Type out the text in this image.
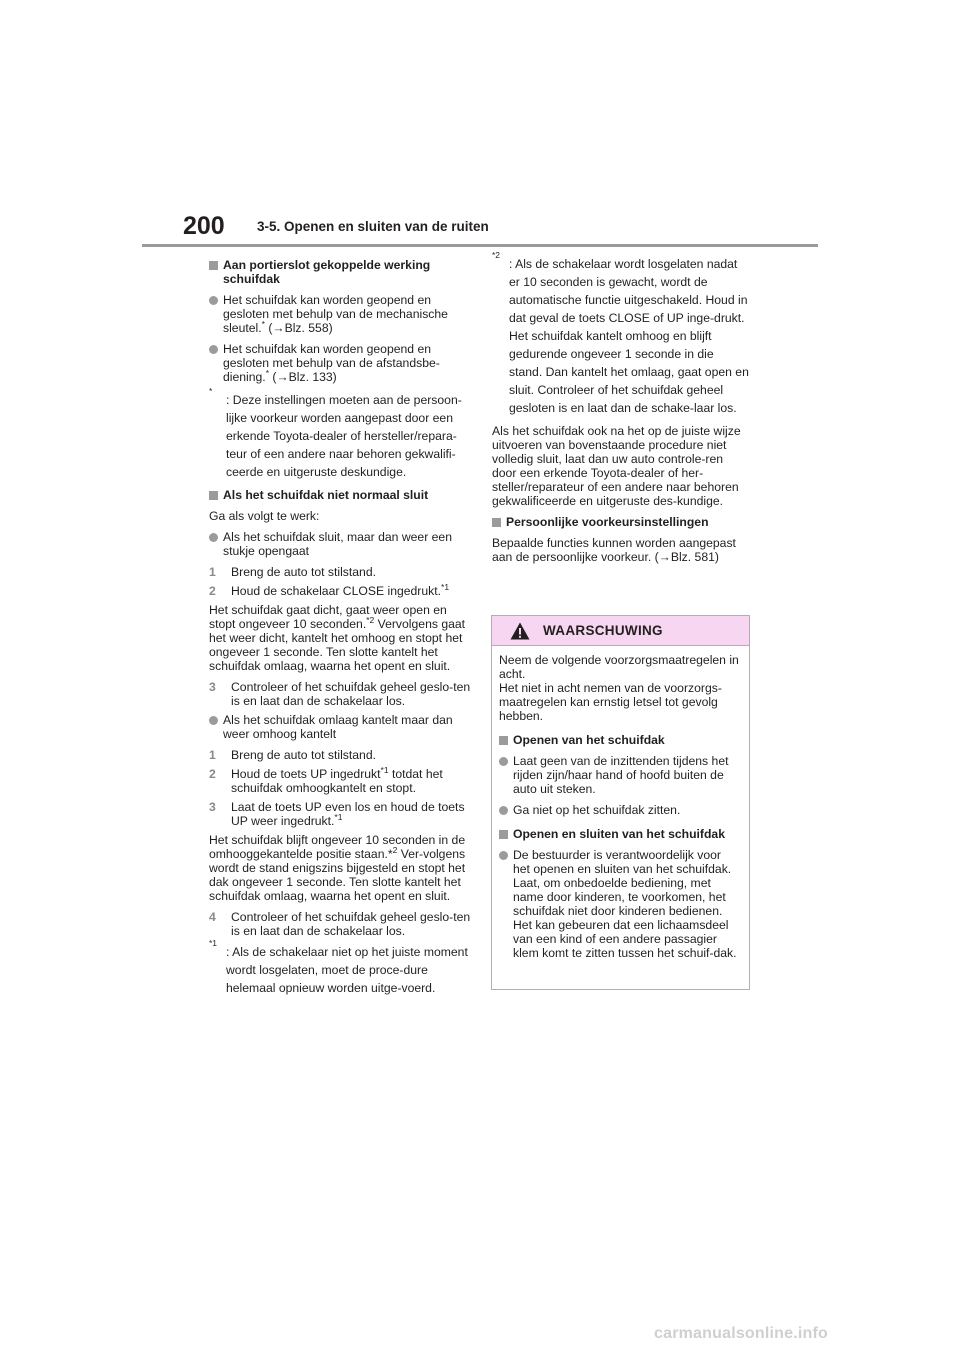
200 3-5. Openen en sluiten van de ruiten

Aan portierslot gekoppelde werking schuifdak

Het schuifdak kan worden geopend en gesloten met behulp van de mechanische sleutel.* (→Blz. 558)

Het schuifdak kan worden geopend en gesloten met behulp van de afstandsbe-diening.* (→Blz. 133)

*
: Deze instellingen moeten aan de persoon-lijke voorkeur worden aangepast door een erkende Toyota-dealer of hersteller/repara-teur of een andere naar behoren gekwalifi-ceerde en uitgeruste deskundige.

Als het schuifdak niet normaal sluit

Ga als volgt te werk:

Als het schuifdak sluit, maar dan weer een stukje opengaat

1 Breng de auto tot stilstand.

2 Houd de schakelaar CLOSE ingedrukt.$^{*1}$

Het schuifdak gaat dicht, gaat weer open en stopt ongeveer 10 seconden.$^{*2}$ Vervolgens gaat het weer dicht, kantelt het omhoog en stopt het ongeveer 1 seconde. Ten slotte kantelt het schuifdak omlaag, waarna het opent en sluit.

3 Controleer of het schuifdak geheel geslo-ten is en laat dan de schakelaar los.

Als het schuifdak omlaag kantelt maar dan weer omhoog kantelt

1 Breng de auto tot stilstand.

2 Houd de toets UP ingedrukt$^{*1}$ totdat het schuifdak omhoogkantelt en stopt.

3 Laat de toets UP even los en houd de toets UP weer ingedrukt.$^{*1}$

Het schuifdak blijft ongeveer 10 seconden in de omhooggekantelde positie staan.*$^2$ Ver-volgens wordt de stand enigszins bijgesteld en stopt het dak ongeveer 1 seconde. Ten slotte kantelt het schuifdak omlaag, waarna het opent en sluit.

4 Controleer of het schuifdak geheel geslo-ten is en laat dan de schakelaar los.

*1
: Als de schakelaar niet op het juiste moment wordt losgelaten, moet de proce-dure helemaal opnieuw worden uitge-voerd.

*2
: Als de schakelaar wordt losgelaten nadat er 10 seconden is gewacht, wordt de automatische functie uitgeschakeld. Houd in dat geval de toets CLOSE of UP inge-drukt. Het schuifdak kantelt omhoog en blijft gedurende ongeveer 1 seconde in die stand. Dan kantelt het omlaag, gaat open en sluit. Controleer of het schuifdak geheel gesloten is en laat dan de schake-laar los.

Als het schuifdak ook na het op de juiste wijze uitvoeren van bovenstaande procedure niet volledig sluit, laat dan uw auto controle-ren door een erkende Toyota-dealer of her-steller/reparateur of een andere naar behoren gekwalificeerde en uitgeruste des-kundige.

Persoonlijke voorkeursinstellingen

Bepaalde functies kunnen worden aangepast aan de persoonlijke voorkeur. (→Blz. 581)

WAARSCHUWING

Neem de volgende voorzorgsmaatregelen in acht.
Het niet in acht nemen van de voorzorgs-maatregelen kan ernstig letsel tot gevolg hebben.

Openen van het schuifdak

Laat geen van de inzittenden tijdens het rijden zijn/haar hand of hoofd buiten de auto uit steken.

Ga niet op het schuifdak zitten.

Openen en sluiten van het schuifdak

De bestuurder is verantwoordelijk voor het openen en sluiten van het schuifdak. Laat, om onbedoelde bediening, met name door kinderen, te voorkomen, het schuifdak niet door kinderen bedienen. Het kan gebeuren dat een lichaamsdeel van een kind of een andere passagier klem komt te zitten tussen het schuif-dak.

carmanualsonline.info
